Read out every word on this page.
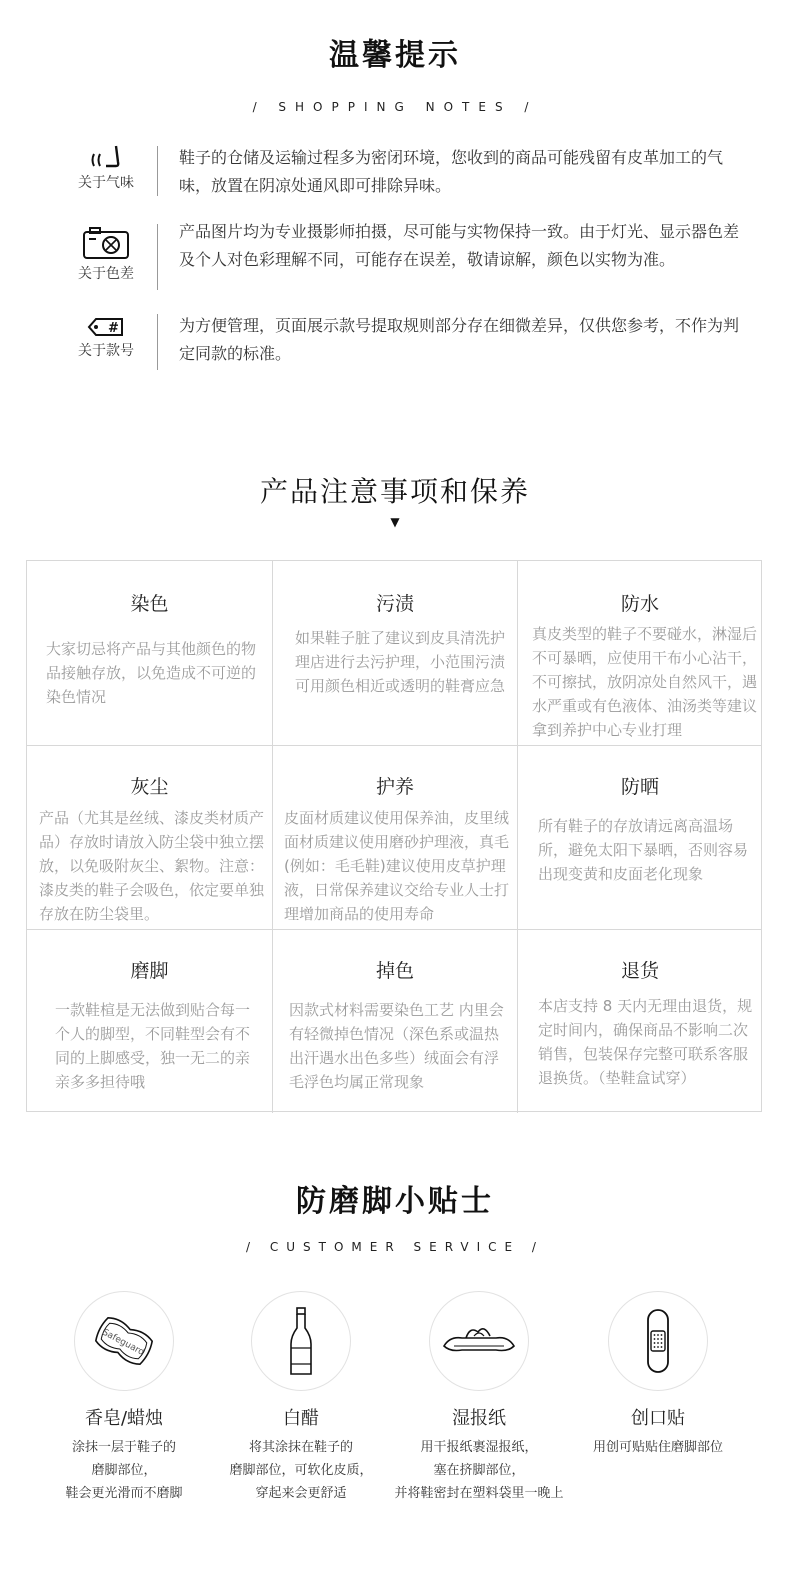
温馨提示
/ SHOPPING NOTES /
关于气味
鞋子的仓储及运输过程多为密闭环境，您收到的商品可能残留有皮革加工的气味，放置在阴凉处通风即可排除异味。
关于色差
产品图片均为专业摄影师拍摄，尽可能与实物保持一致。由于灯光、显示器色差及个人对色彩理解不同，可能存在误差，敬请谅解，颜色以实物为准。
#
关于款号
为方便管理，页面展示款号提取规则部分存在细微差异，仅供您参考，不作为判定同款的标准。
产品注意事项和保养
▼
染色
大家切忌将产品与其他颜色的物品接触存放，以免造成不可逆的染色情况
污渍
如果鞋子脏了建议到皮具清洗护理店进行去污护理，小范围污渍可用颜色相近或透明的鞋膏应急
防水
真皮类型的鞋子不要碰水，淋湿后不可暴晒，应使用干布小心沾干，不可擦拭，放阴凉处自然风干，遇水严重或有色液体、油汤类等建议拿到养护中心专业打理
灰尘
产品（尤其是丝绒、漆皮类材质产品）存放时请放入防尘袋中独立摆放，以免吸附灰尘、絮物。注意：漆皮类的鞋子会吸色，依定要单独存放在防尘袋里。
护养
皮面材质建议使用保养油，皮里绒面材质建议使用磨砂护理液，真毛(例如：毛毛鞋)建议使用皮草护理液，日常保养建议交给专业人士打理增加商品的使用寿命
防晒
所有鞋子的存放请远离高温场所，避免太阳下暴晒，否则容易出现变黄和皮面老化现象
磨脚
一款鞋楦是无法做到贴合每一个人的脚型，不同鞋型会有不同的上脚感受，独一无二的亲亲多多担待哦
掉色
因款式材料需要染色工艺 内里会有轻微掉色情况（深色系或温热出汗遇水出色多些）绒面会有浮毛浮色均属正常现象
退货
本店支持 8 天内无理由退货，规定时间内，确保商品不影响二次销售，包装保存完整可联系客服退换货。（垫鞋盒试穿）
防磨脚小贴士
/ CUSTOMER SERVICE /
Safeguard
香皂/蜡烛
涂抹一层于鞋子的
磨脚部位，
鞋会更光滑而不磨脚
白醋
将其涂抹在鞋子的
磨脚部位，可软化皮质，
穿起来会更舒适
湿报纸
用干报纸裹湿报纸，
塞在挤脚部位，
并将鞋密封在塑料袋里一晚上
创口贴
用创可贴贴住磨脚部位
